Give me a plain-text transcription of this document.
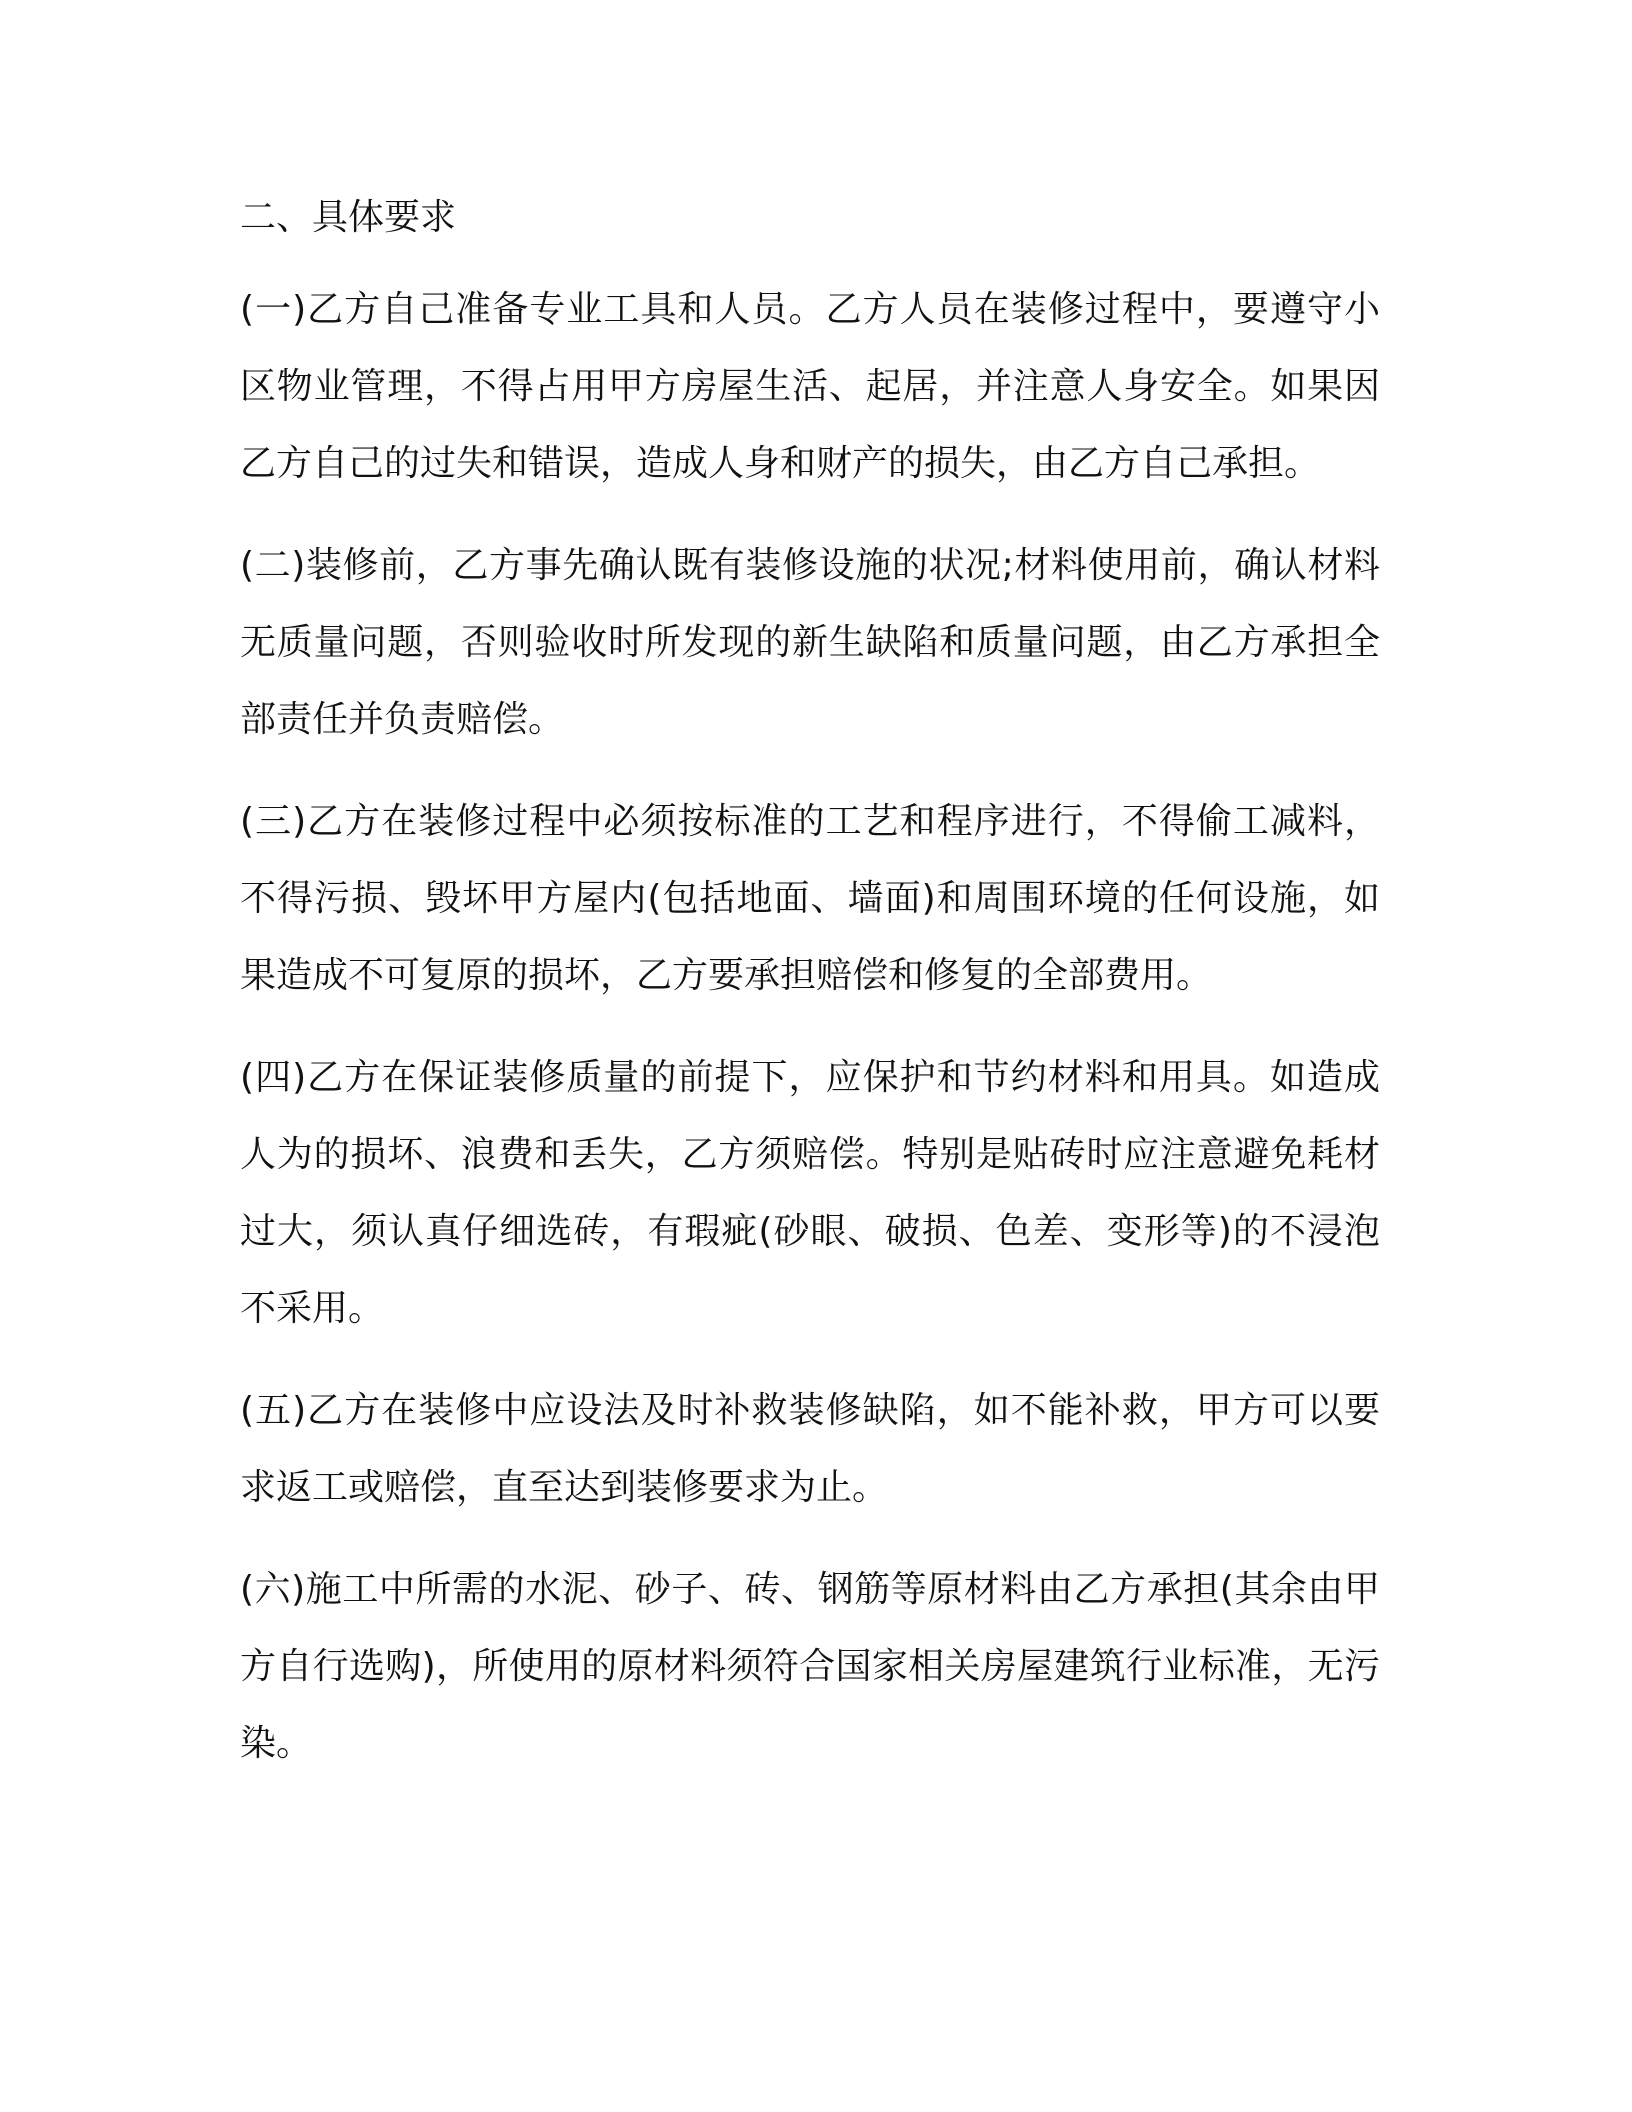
二、具体要求

(一)乙方自己准备专业工具和人员。乙方人员在装修过程中，要遵守小区物业管理，不得占用甲方房屋生活、起居，并注意人身安全。如果因乙方自己的过失和错误，造成人身和财产的损失，由乙方自己承担。

(二)装修前，乙方事先确认既有装修设施的状况;材料使用前，确认材料无质量问题，否则验收时所发现的新生缺陷和质量问题，由乙方承担全部责任并负责赔偿。

(三)乙方在装修过程中必须按标准的工艺和程序进行，不得偷工减料，不得污损、毁坏甲方屋内(包括地面、墙面)和周围环境的任何设施，如果造成不可复原的损坏，乙方要承担赔偿和修复的全部费用。

(四)乙方在保证装修质量的前提下，应保护和节约材料和用具。如造成人为的损坏、浪费和丢失，乙方须赔偿。特别是贴砖时应注意避免耗材过大，须认真仔细选砖，有瑕疵(砂眼、破损、色差、变形等)的不浸泡不采用。

(五)乙方在装修中应设法及时补救装修缺陷，如不能补救，甲方可以要求返工或赔偿，直至达到装修要求为止。

(六)施工中所需的水泥、砂子、砖、钢筋等原材料由乙方承担(其余由甲方自行选购)，所使用的原材料须符合国家相关房屋建筑行业标准，无污染。
